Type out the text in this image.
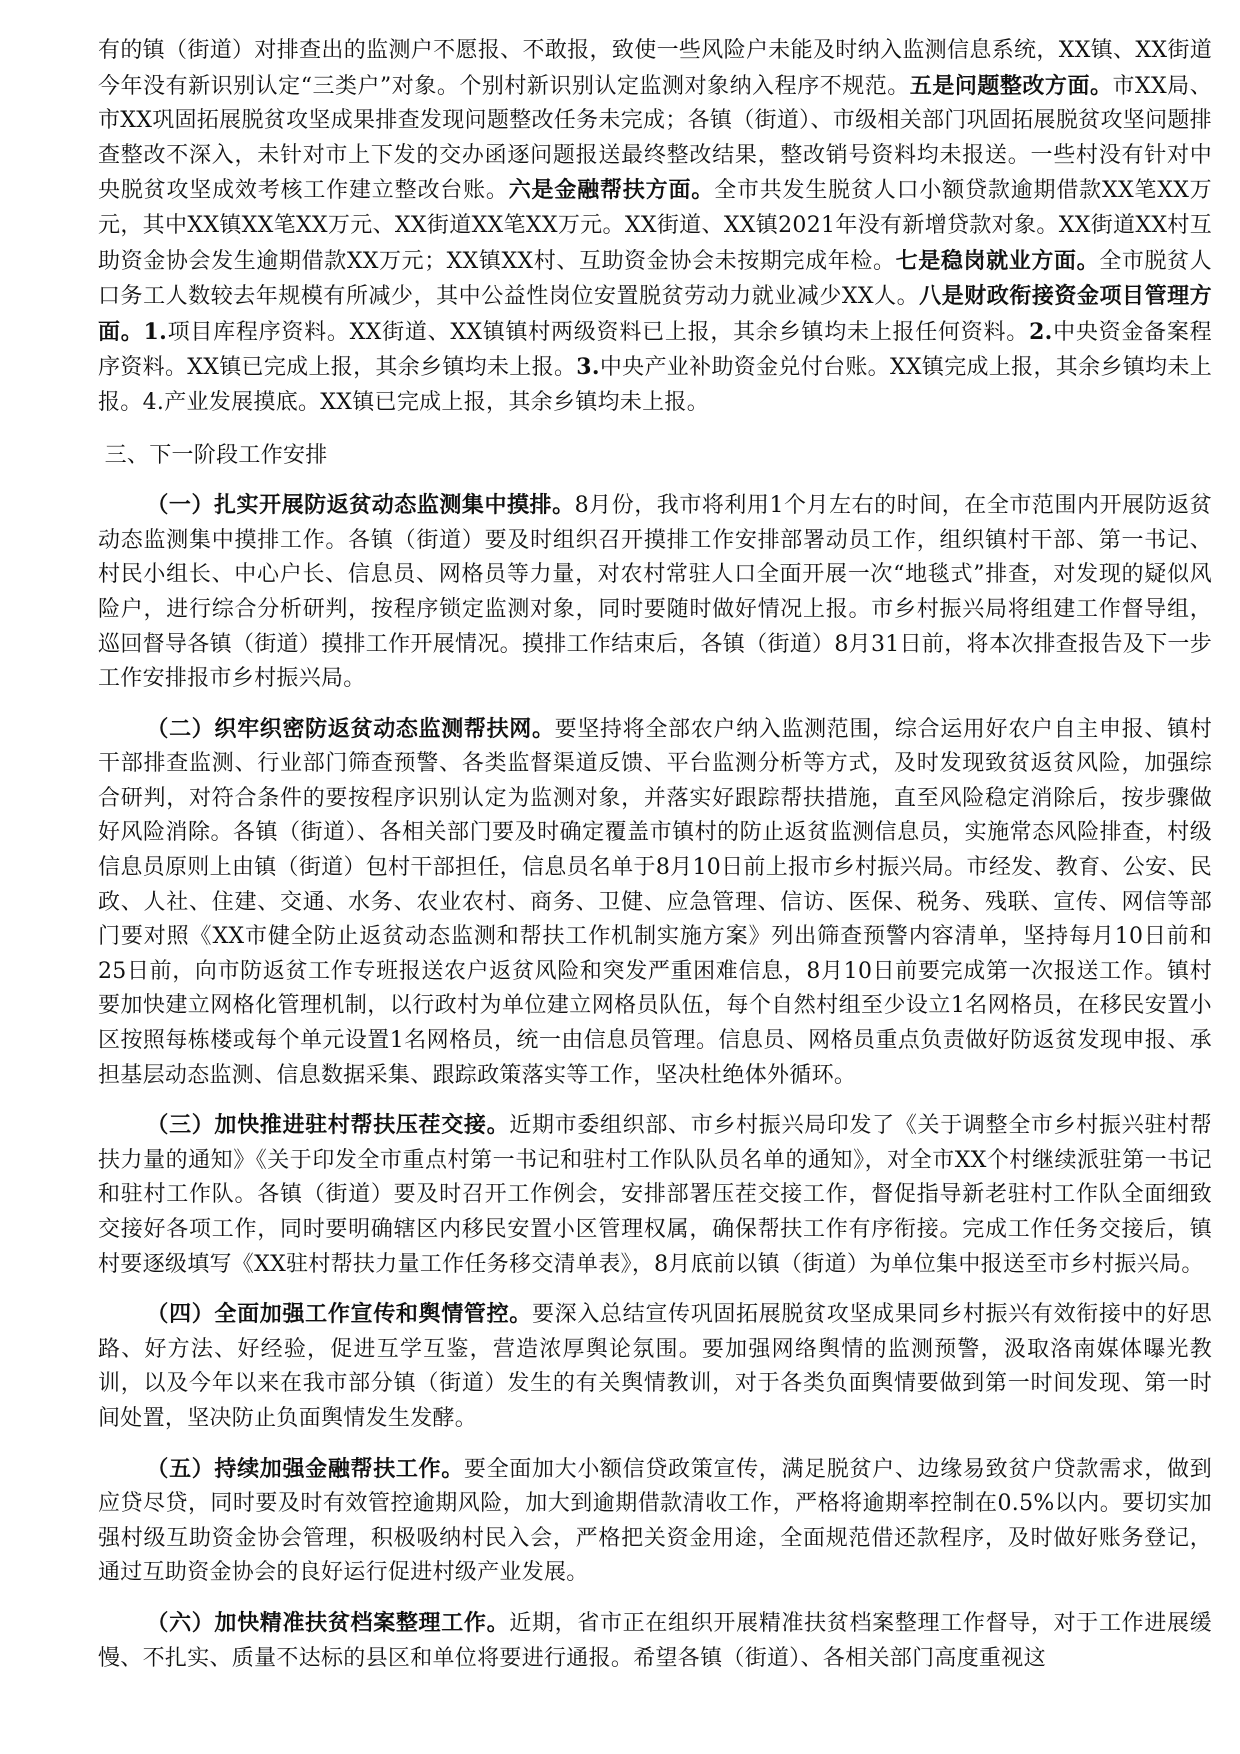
有的镇（街道）对排查出的监测户不愿报、不敢报，致使一些风险户未能及时纳入监测信息系统，XX镇、XX街道今年没有新识别认定“三类户”对象。个别村新识别认定监测对象纳入程序不规范。五是问题整改方面。市XX局、市XX巩固拓展脱贫攻坚成果排查发现问题整改任务未完成；各镇（街道）、市级相关部门巩固拓展脱贫攻坚问题排查整改不深入，未针对市上下发的交办函逐问题报送最终整改结果，整改销号资料均未报送。一些村没有针对中央脱贫攻坚成效考核工作建立整改台账。六是金融帮扶方面。全市共发生脱贫人口小额贷款逾期借款XX笔XX万元，其中XX镇XX笔XX万元、XX街道XX笔XX万元。XX街道、XX镇2021年没有新增贷款对象。XX街道XX村互助资金协会发生逾期借款XX万元；XX镇XX村、互助资金协会未按期完成年检。七是稳岗就业方面。全市脱贫人口务工人数较去年规模有所减少，其中公益性岗位安置脱贫劳动力就业减少XX人。八是财政衔接资金项目管理方面。1.项目库程序资料。XX街道、XX镇镇村两级资料已上报，其余乡镇均未上报任何资料。2.中央资金备案程序资料。XX镇已完成上报，其余乡镇均未上报。3.中央产业补助资金兑付台账。XX镇完成上报，其余乡镇均未上报。4.产业发展摸底。XX镇已完成上报，其余乡镇均未上报。

三、下一阶段工作安排

（一）扎实开展防返贫动态监测集中摸排。8月份，我市将利用1个月左右的时间，在全市范围内开展防返贫动态监测集中摸排工作。各镇（街道）要及时组织召开摸排工作安排部署动员工作，组织镇村干部、第一书记、村民小组长、中心户长、信息员、网格员等力量，对农村常驻人口全面开展一次“地毯式”排查，对发现的疑似风险户，进行综合分析研判，按程序锁定监测对象，同时要随时做好情况上报。市乡村振兴局将组建工作督导组，巡回督导各镇（街道）摸排工作开展情况。摸排工作结束后，各镇（街道）8月31日前，将本次排查报告及下一步工作安排报市乡村振兴局。

（二）织牢织密防返贫动态监测帮扶网。要坚持将全部农户纳入监测范围，综合运用好农户自主申报、镇村干部排查监测、行业部门筛查预警、各类监督渠道反馈、平台监测分析等方式，及时发现致贫返贫风险，加强综合研判，对符合条件的要按程序识别认定为监测对象，并落实好跟踪帮扶措施，直至风险稳定消除后，按步骤做好风险消除。各镇（街道）、各相关部门要及时确定覆盖市镇村的防止返贫监测信息员，实施常态风险排查，村级信息员原则上由镇（街道）包村干部担任，信息员名单于8月10日前上报市乡村振兴局。市经发、教育、公安、民政、人社、住建、交通、水务、农业农村、商务、卫健、应急管理、信访、医保、税务、残联、宣传、网信等部门要对照《XX市健全防止返贫动态监测和帮扶工作机制实施方案》列出筛查预警内容清单，坚持每月10日前和25日前，向市防返贫工作专班报送农户返贫风险和突发严重困难信息，8月10日前要完成第一次报送工作。镇村要加快建立网格化管理机制，以行政村为单位建立网格员队伍，每个自然村组至少设立1名网格员，在移民安置小区按照每栋楼或每个单元设置1名网格员，统一由信息员管理。信息员、网格员重点负责做好防返贫发现申报、承担基层动态监测、信息数据采集、跟踪政策落实等工作，坚决杜绝体外循环。

（三）加快推进驻村帮扶压茬交接。近期市委组织部、市乡村振兴局印发了《关于调整全市乡村振兴驻村帮扶力量的通知》《关于印发全市重点村第一书记和驻村工作队队员名单的通知》，对全市XX个村继续派驻第一书记和驻村工作队。各镇（街道）要及时召开工作例会，安排部署压茬交接工作，督促指导新老驻村工作队全面细致交接好各项工作，同时要明确辖区内移民安置小区管理权属，确保帮扶工作有序衔接。完成工作任务交接后，镇村要逐级填写《XX驻村帮扶力量工作任务移交清单表》，8月底前以镇（街道）为单位集中报送至市乡村振兴局。

（四）全面加强工作宣传和舆情管控。要深入总结宣传巩固拓展脱贫攻坚成果同乡村振兴有效衔接中的好思路、好方法、好经验，促进互学互鉴，营造浓厚舆论氛围。要加强网络舆情的监测预警，汲取洛南媒体曝光教训，以及今年以来在我市部分镇（街道）发生的有关舆情教训，对于各类负面舆情要做到第一时间发现、第一时间处置，坚决防止负面舆情发生发酵。

（五）持续加强金融帮扶工作。要全面加大小额信贷政策宣传，满足脱贫户、边缘易致贫户贷款需求，做到应贷尽贷，同时要及时有效管控逾期风险，加大到逾期借款清收工作，严格将逾期率控制在0.5%以内。要切实加强村级互助资金协会管理，积极吸纳村民入会，严格把关资金用途，全面规范借还款程序，及时做好账务登记，通过互助资金协会的良好运行促进村级产业发展。

（六）加快精准扶贫档案整理工作。近期，省市正在组织开展精准扶贫档案整理工作督导，对于工作进展缓慢、不扎实、质量不达标的县区和单位将要进行通报。希望各镇（街道）、各相关部门高度重视这
